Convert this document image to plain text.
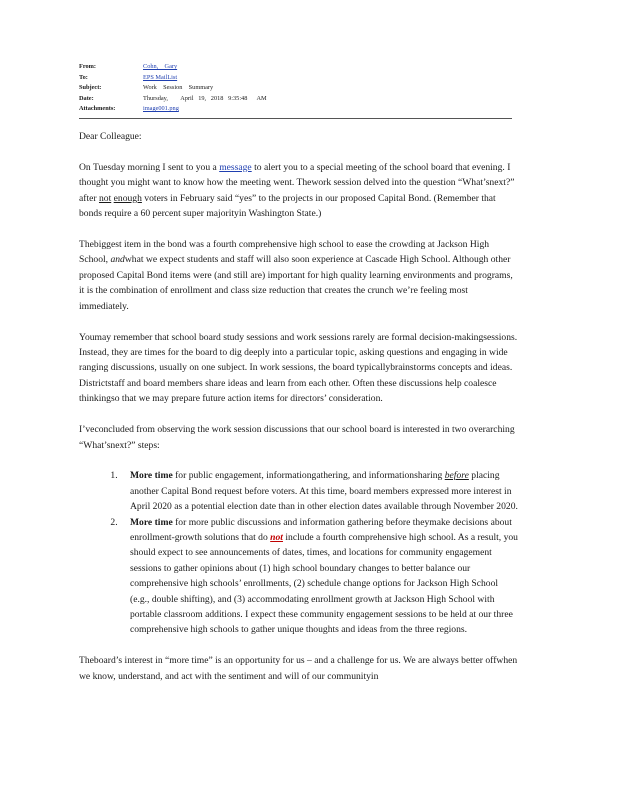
From:	Cohn,    Gary
To:	EPS MailList
Subject:	Work    Session    Summary
Date:	Thursday,        April   19,   2018   9:35:48      AM
Attachments:	image001.png

Dear Colleague:

On Tuesday morning I sent to you a message to alert you to a special meeting of the school board that evening. I thought you might want to know how the meeting went. Thework session delved into the question “What’snext?” after not enough voters in February said “yes” to the projects in our proposed Capital Bond. (Remember that bonds require a 60 percent super majorityin Washington State.)

Thebiggest item in the bond was a fourth comprehensive high school to ease the crowding at Jackson High School, andwhat we expect students and staff will also soon experience at Cascade High School. Although other proposed Capital Bond items were (and still are) important for high quality learning environments and programs, it is the combination of enrollment and class size reduction that creates the crunch we’re feeling most immediately.

Youmay remember that school board study sessions and work sessions rarely are formal decision-makingsessions. Instead, they are times for the board to dig deeply into a particular topic, asking questions and engaging in wide ranging discussions, usually on one subject. In work sessions, the board typicallybrainstorms concepts and ideas. Districtstaff and board members share ideas and learn from each other. Often these discussions help coalesce thinkingso that we may prepare future action items for directors’ consideration.

I’veconcluded from observing the work session discussions that our school board is interested in two overarching “What’snext?” steps:

1. More time for public engagement, informationgathering, and informationsharing before placing another Capital Bond request before voters. At this time, board members expressed more interest in April 2020 as a potential election date than in other election dates available through November 2020.
2. More time for more public discussions and information gathering before theymake decisions about enrollment-growth solutions that do not include a fourth comprehensive high school. As a result, you should expect to see announcements of dates, times, and locations for community engagement sessions to gather opinions about (1) high school boundary changes to better balance our comprehensive high schools’ enrollments, (2) schedule change options for Jackson High School (e.g., double shifting), and (3) accommodating enrollment growth at Jackson High School with portable classroom additions. I expect these community engagement sessions to be held at our three comprehensive high schools to gather unique thoughts and ideas from the three regions.

Theboard’s interest in “more time” is an opportunity for us – and a challenge for us. We are always better offwhen we know, understand, and act with the sentiment and will of our communityin
